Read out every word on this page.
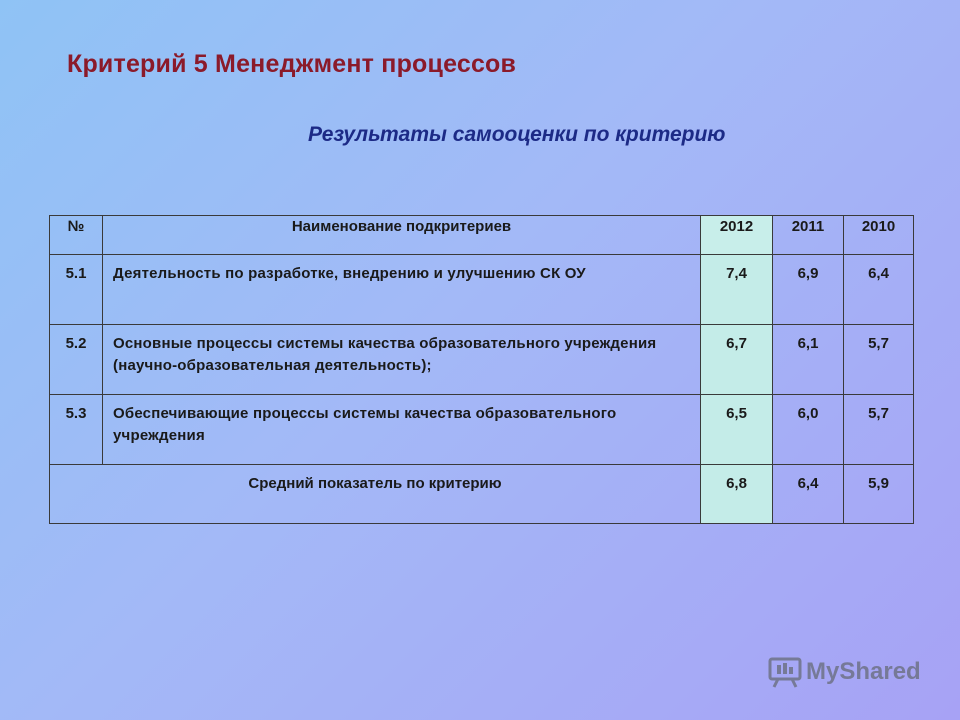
Критерий 5 Менеджмент процессов
Результаты самооценки по критерию
№	Наименование подкритериев	2012	2011	2010
5.1	Деятельность по разработке, внедрению и улучшению СК ОУ	7,4	6,9	6,4
5.2	Основные процессы системы качества образовательного учреждения (научно-образовательная деятельность);	6,7	6,1	5,7
5.3	Обеспечивающие процессы системы качества образовательного учреждения	6,5	6,0	5,7
Средний показатель по критерию		6,8	6,4	5,9
MyShared
